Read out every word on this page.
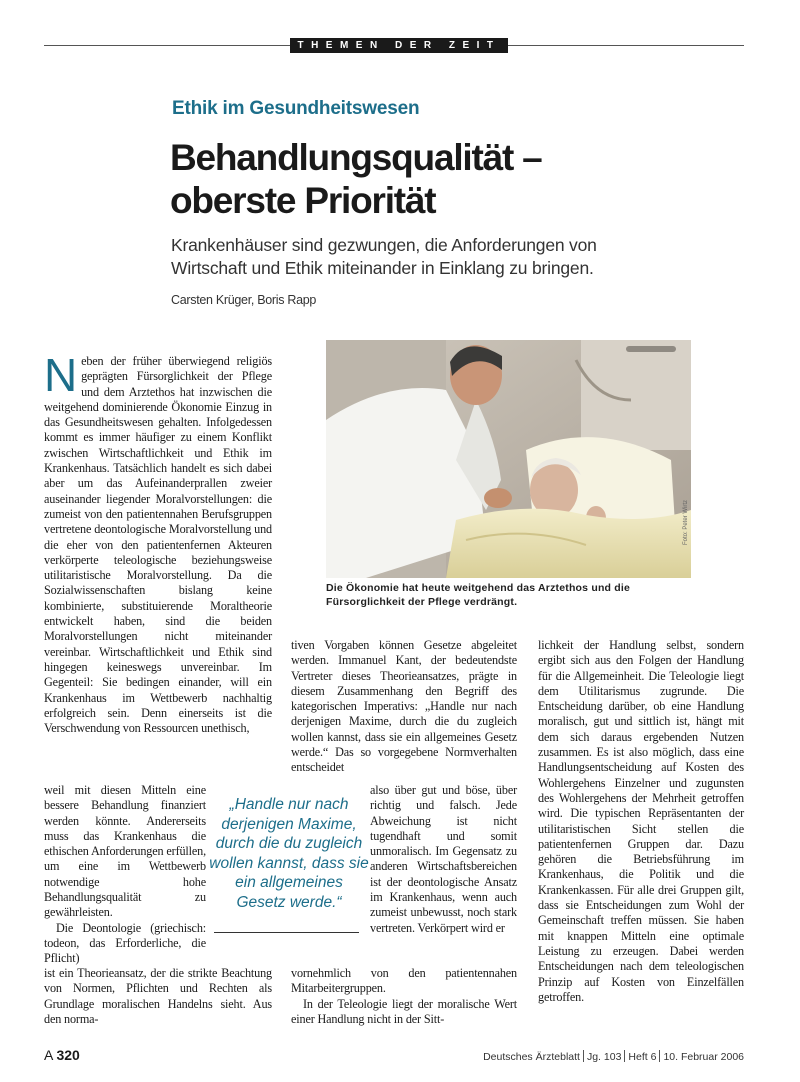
THEMEN DER ZEIT
Ethik im Gesundheitswesen
Behandlungsqualität –
oberste Priorität
Krankenhäuser sind gezwungen, die Anforderungen von Wirtschaft und Ethik miteinander in Einklang zu bringen.
Carsten Krüger, Boris Rapp
Foto: Peter Wirtz
Die Ökonomie hat heute weitgehend das Arztethos und die Fürsorglichkeit der Pflege verdrängt.

Neben der früher überwiegend religiös geprägten Fürsorglichkeit der Pflege und dem Arztethos hat inzwischen die weitgehend dominierende Ökonomie Einzug in das Gesundheitswesen gehalten. Infolgedessen kommt es immer häufiger zu einem Konflikt zwischen Wirtschaftlichkeit und Ethik im Krankenhaus. Tatsächlich handelt es sich dabei aber um das Aufeinanderprallen zweier auseinander liegender Moralvorstellungen: die zumeist von den patientennahen Berufsgruppen vertretene deontologische Moralvorstellung und die eher von den patientenfernen Akteuren verkörperte teleologische beziehungsweise utilitaristische Moralvorstellung. Da die Sozialwissenschaften bislang keine kombinierte, substituierende Moraltheorie entwickelt haben, sind die beiden Moralvorstellungen nicht miteinander vereinbar. Wirtschaftlichkeit und Ethik sind hingegen keineswegs unvereinbar. Im Gegenteil: Sie bedingen einander, will ein Krankenhaus im Wettbewerb nachhaltig erfolgreich sein. Denn einerseits ist die Verschwendung von Ressourcen unethisch,

weil mit diesen Mitteln eine bessere Behandlung finanziert werden könnte. Andererseits muss das Krankenhaus die ethischen Anforderungen erfüllen, um eine im Wettbewerb notwendige hohe Behandlungsqualität zu gewährleisten.

Die Deontologie (griechisch: todeon, das Erforderliche, die Pflicht)

ist ein Theorieansatz, der die strikte Beachtung von Normen, Pflichten und Rechten als Grundlage moralischen Handelns sieht. Aus den norma-

„Handle nur nach derjenigen Maxime, durch die du zugleich wollen kannst, dass sie ein allgemeines Gesetz werde.“

tiven Vorgaben können Gesetze abgeleitet werden. Immanuel Kant, der bedeutendste Vertreter dieses Theorieansatzes, prägte in diesem Zusammenhang den Begriff des kategorischen Imperativs: „Handle nur nach derjenigen Maxime, durch die du zugleich wollen kannst, dass sie ein allgemeines Gesetz werde.“ Das so vorgegebene Normverhalten entscheidet

also über gut und böse, über richtig und falsch. Jede Abweichung ist nicht tugendhaft und somit unmoralisch. Im Gegensatz zu anderen Wirtschaftsbereichen ist der deontologische Ansatz im Krankenhaus, wenn auch zumeist unbewusst, noch stark vertreten. Verkörpert wird er

vornehmlich von den patientennahen Mitarbeitergruppen.

In der Teleologie liegt der moralische Wert einer Handlung nicht in der Sitt-

lichkeit der Handlung selbst, sondern ergibt sich aus den Folgen der Handlung für die Allgemeinheit. Die Teleologie liegt dem Utilitarismus zugrunde. Die Entscheidung darüber, ob eine Handlung moralisch, gut und sittlich ist, hängt mit dem sich daraus ergebenden Nutzen zusammen. Es ist also möglich, dass eine Handlungsentscheidung auf Kosten des Wohlergehens Einzelner und zugunsten des Wohlergehens der Mehrheit getroffen wird. Die typischen Repräsentanten der utilitaristischen Sicht stellen die patientenfernen Gruppen dar. Dazu gehören die Betriebsführung im Krankenhaus, die Politik und die Krankenkassen. Für alle drei Gruppen gilt, dass sie Entscheidungen zum Wohl der Gemeinschaft treffen müssen. Sie haben mit knappen Mitteln eine optimale Leistung zu erzeugen. Dabei werden Entscheidungen nach dem teleologischen Prinzip auf Kosten von Einzelfällen getroffen.

A 320	Deutsches Ärzteblatt Jg. 103 Heft 6 10. Februar 2006
